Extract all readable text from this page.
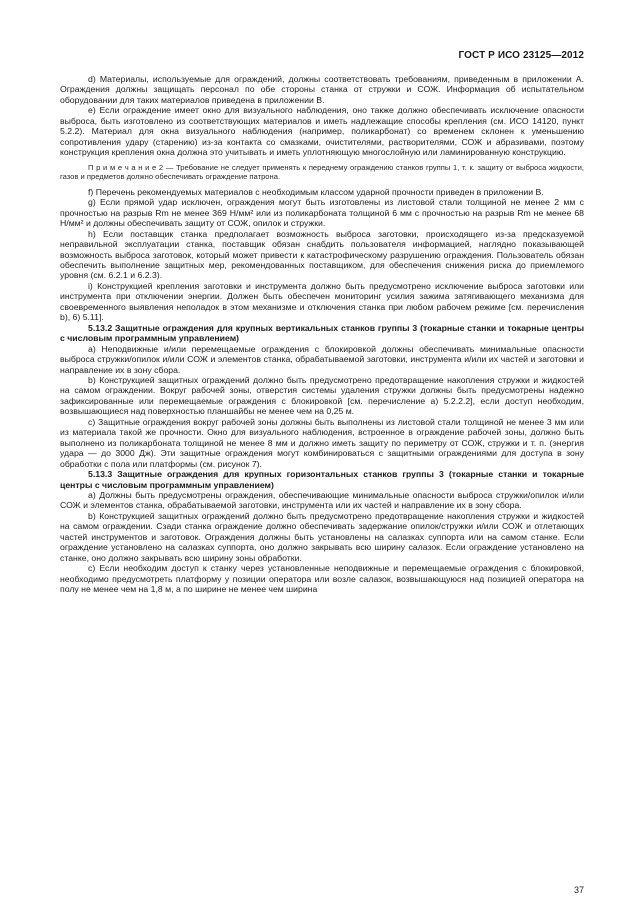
ГОСТ Р ИСО 23125—2012

d) Материалы, используемые для ограждений, должны соответствовать требованиям, приведенным в приложении А. Ограждения должны защищать персонал по обе стороны станка от стружки и СОЖ. Информация об испытательном оборудовании для таких материалов приведена в приложении В.

e) Если ограждение имеет окно для визуального наблюдения, оно также должно обеспечивать исключение опасности выброса, быть изготовлено из соответствующих материалов и иметь надлежащие способы крепления (см. ИСО 14120, пункт 5.2.2). Материал для окна визуального наблюдения (например, поликарбонат) со временем склонен к уменьшению сопротивления удару (старению) из-за контакта со смазками, очистителями, растворителями, СОЖ и абразивами, поэтому конструкция крепления окна должна это учитывать и иметь уплотняющую многослойную или ламинированную конструкцию.

П р и м е ч а н и е 2 — Требование не следует применять к переднему ограждению станков группы 1, т. к. защиту от выброса жидкости, газов и предметов должно обеспечивать ограждение патрона.

f) Перечень рекомендуемых материалов с необходимым классом ударной прочности приведен в приложении В.

g) Если прямой удар исключен, ограждения могут быть изготовлены из листовой стали толщиной не менее 2 мм с прочностью на разрыв Rm не менее 369 Н/мм² или из поликарбоната толщиной 6 мм с прочностью на разрыв Rm не менее 68 Н/мм² и должны обеспечивать защиту от СОЖ, опилок и стружки.

h) Если поставщик станка предполагает возможность выброса заготовки, происходящего из-за предсказуемой неправильной эксплуатации станка, поставщик обязан снабдить пользователя информацией, наглядно показывающей возможность выброса заготовок, который может привести к катастрофическому разрушению ограждения. Пользователь обязан обеспечить выполнение защитных мер, рекомендованных поставщиком, для обеспечения снижения риска до приемлемого уровня (см. 6.2.1 и 6.2.3).

i) Конструкцией крепления заготовки и инструмента должно быть предусмотрено исключение выброса заготовки или инструмента при отключении энергии. Должен быть обеспечен мониторинг усилия зажима затягивающего механизма для своевременного выявления неполадок в этом механизме и отключения станка при любом рабочем режиме [см. перечисления b), 6) 5.11].

5.13.2 Защитные ограждения для крупных вертикальных станков группы 3 (токарные станки и токарные центры с числовым программным управлением)

a) Неподвижные и/или перемещаемые ограждения с блокировкой должны обеспечивать минимальные опасности выброса стружки/опилок и/или СОЖ и элементов станка, обрабатываемой заготовки, инструмента и/или их частей и заготовки и направление их в зону сбора.

b) Конструкцией защитных ограждений должно быть предусмотрено предотвращение накопления стружки и жидкостей на самом ограждении. Вокруг рабочей зоны, отверстия системы удаления стружки должны быть предусмотрены надежно зафиксированные или перемещаемые ограждения с блокировкой [см. перечисление a) 5.2.2.2], если доступ необходим, возвышающиеся над поверхностью планшайбы не менее чем на 0,25 м.

c) Защитные ограждения вокруг рабочей зоны должны быть выполнены из листовой стали толщиной не менее 3 мм или из материала такой же прочности. Окно для визуального наблюдения, встроенное в ограждение рабочей зоны, должно быть выполнено из поликарбоната толщиной не менее 8 мм и должно иметь защиту по периметру от СОЖ, стружки и т. п. (энергия удара — до 3000 Дж). Эти защитные ограждения могут комбинироваться с защитными ограждениями для доступа в зону обработки с пола или платформы (см. рисунок 7).

5.13.3 Защитные ограждения для крупных горизонтальных станков группы 3 (токарные станки и токарные центры с числовым программным управлением)

a) Должны быть предусмотрены ограждения, обеспечивающие минимальные опасности выброса стружки/опилок и/или СОЖ и элементов станка, обрабатываемой заготовки, инструмента или их частей и направление их в зону сбора.

b) Конструкцией защитных ограждений должно быть предусмотрено предотвращение накопления стружки и жидкостей на самом ограждении. Сзади станка ограждение должно обеспечивать задержание опилок/стружки и/или СОЖ и отлетающих частей инструментов и заготовок. Ограждения должны быть установлены на салазках суппорта или на самом станке. Если ограждение установлено на салазках суппорта, оно должно закрывать всю ширину салазок. Если ограждение установлено на станке, оно должно закрывать всю ширину зоны обработки.

c) Если необходим доступ к станку через установленные неподвижные и перемещаемые ограждения с блокировкой, необходимо предусмотреть платформу у позиции оператора или возле салазок, возвышающуюся над позицией оператора на полу не менее чем на 1,8 м, а по ширине не менее чем ширина

37
